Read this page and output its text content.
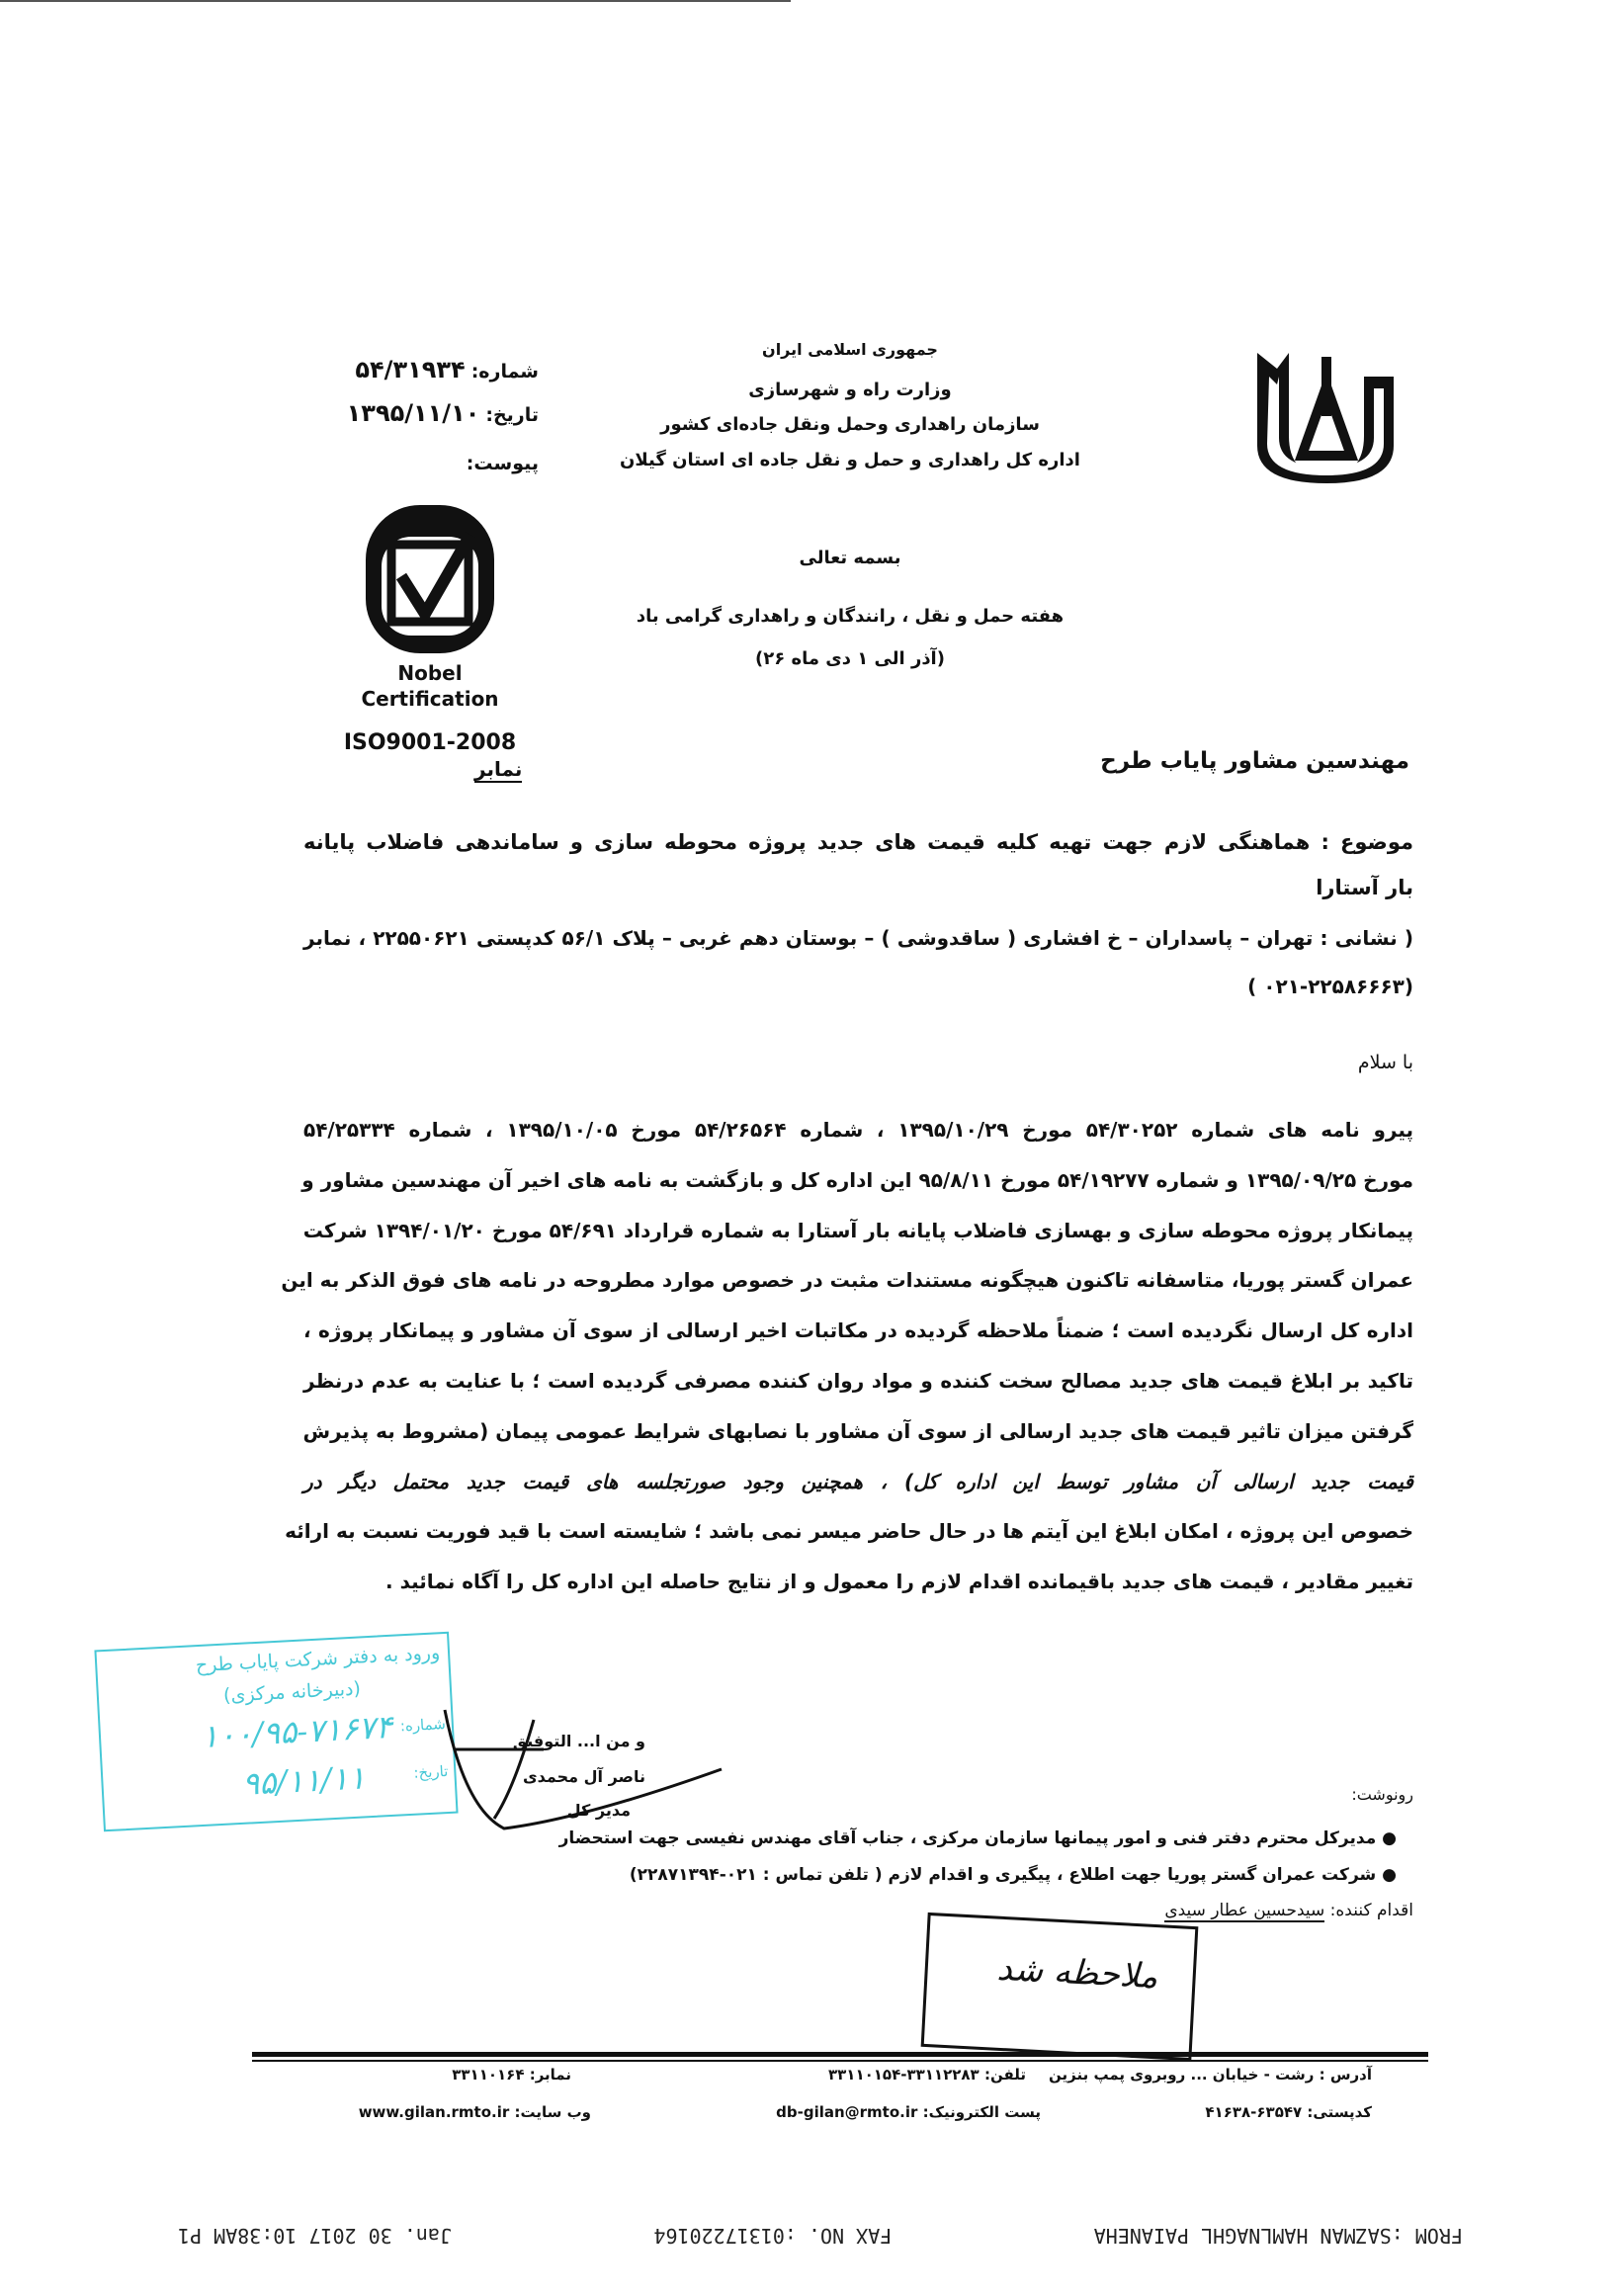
جمهوری اسلامی ایران
وزارت راه و شهرسازی
سازمان راهداری وحمل ونقل جاده‌ای کشور
اداره کل راهداری و حمل و نقل جاده ای استان گیلان
شماره:۵۴/۳۱۹۳۴
تاریخ:۱۳۹۵/۱۱/۱۰
پیوست:
Nobel
Certification
ISO9001-2008
نمابر
بسمه تعالی
هفته حمل و نقل ، رانندگان و راهداری گرامی باد
(۲۶ آذر الی ۱ دی ماه)
مهندسین مشاور پایاب طرح
موضوع : هماهنگی لازم جهت تهیه کلیه قیمت های جدید پروژه محوطه سازی و ساماندهی فاضلاب پایانه
بار آستارا
( نشانی : تهران – پاسداران – خ افشاری ( ساقدوشی ) – بوستان دهم غربی – پلاک ۵۶/۱ کدپستی ۲۲۵۵۰۶۲۱ ، نمابر
(۰۲۱-۲۲۵۸۶۶۶۳ )
با سلام
پیرو نامه های شماره ۵۴/۳۰۲۵۲ مورخ ۱۳۹۵/۱۰/۲۹ ، شماره ۵۴/۲۶۵۶۴ مورخ ۱۳۹۵/۱۰/۰۵ ، شماره ۵۴/۲۵۳۳۴
مورخ ۱۳۹۵/۰۹/۲۵ و شماره ۵۴/۱۹۲۷۷ مورخ ۹۵/۸/۱۱ این اداره کل و بازگشت به نامه های اخیر آن مهندسین مشاور و
پیمانکار پروژه محوطه سازی و بهسازی فاضلاب پایانه بار آستارا به شماره قرارداد ۵۴/۶۹۱ مورخ ۱۳۹۴/۰۱/۲۰ شرکت
عمران گستر پوریا، متاسفانه تاکنون هیچگونه مستندات مثبت در خصوص موارد مطروحه در نامه های فوق الذکر به این
اداره کل ارسال نگردیده است ؛ ضمناً ملاحظه گردیده در مکاتبات اخیر ارسالی از سوی آن مشاور و پیمانکار پروژه ،
تاکید بر ابلاغ قیمت های جدید مصالح سخت کننده و مواد روان کننده مصرفی گردیده است ؛ با عنایت به عدم درنظر
گرفتن میزان تاثیر قیمت های جدید ارسالی از سوی آن مشاور با نصابهای شرایط عمومی پیمان (مشروط به پذیرش
قیمت جدید ارسالی آن مشاور توسط این اداره کل) ، همچنین وجود صورتجلسه های قیمت جدید محتمل دیگر در
خصوص این پروژه ، امکان ابلاغ این آیتم ها در حال حاضر میسر نمی باشد ؛ شایسته است با قید فوریت نسبت به ارائه
تغییر مقادیر ، قیمت های جدید باقیمانده اقدام لازم را معمول و از نتایج حاصله این اداره کل را آگاه نمائید .
ورود به دفتر شرکت پایاب طرح
(دبیرخانه مرکزی)
شماره:
۱۰۰/۹۵-۷۱۶۷۴
تاریخ:
۹۵/۱۱/۱۱
و من ا... التوفیق
ناصر آل محمدی
مدیر کل
رونوشت:
● مدیرکل محترم دفتر فنی و امور پیمانها سازمان مرکزی ، جناب آقای مهندس نفیسی جهت استحضار
● شرکت عمران گستر پوریا جهت اطلاع ، پیگیری و اقدام لازم ( تلفن تماس : ۰۲۱-۲۲۸۷۱۳۹۴)
اقدام کننده: سیدحسین عطار سیدی
ملاحظه شد
آدرس : رشت - خیابان ... روبروی پمپ بنزین
تلفن: ۳۳۱۱۲۲۸۳-۳۳۱۱۰۱۵۴
نمابر: ۳۳۱۱۰۱۶۴
کدپستی: ۶۳۵۴۷-۴۱۶۳۸
پست الکترونیک: db-gilan@rmto.ir
وب سایت: www.gilan.rmto.ir
FROM :SAZMAN HAMLNAGHL PAIANEHA
FAX NO. :01317220164
Jan. 30 2017 10:38AM P1
